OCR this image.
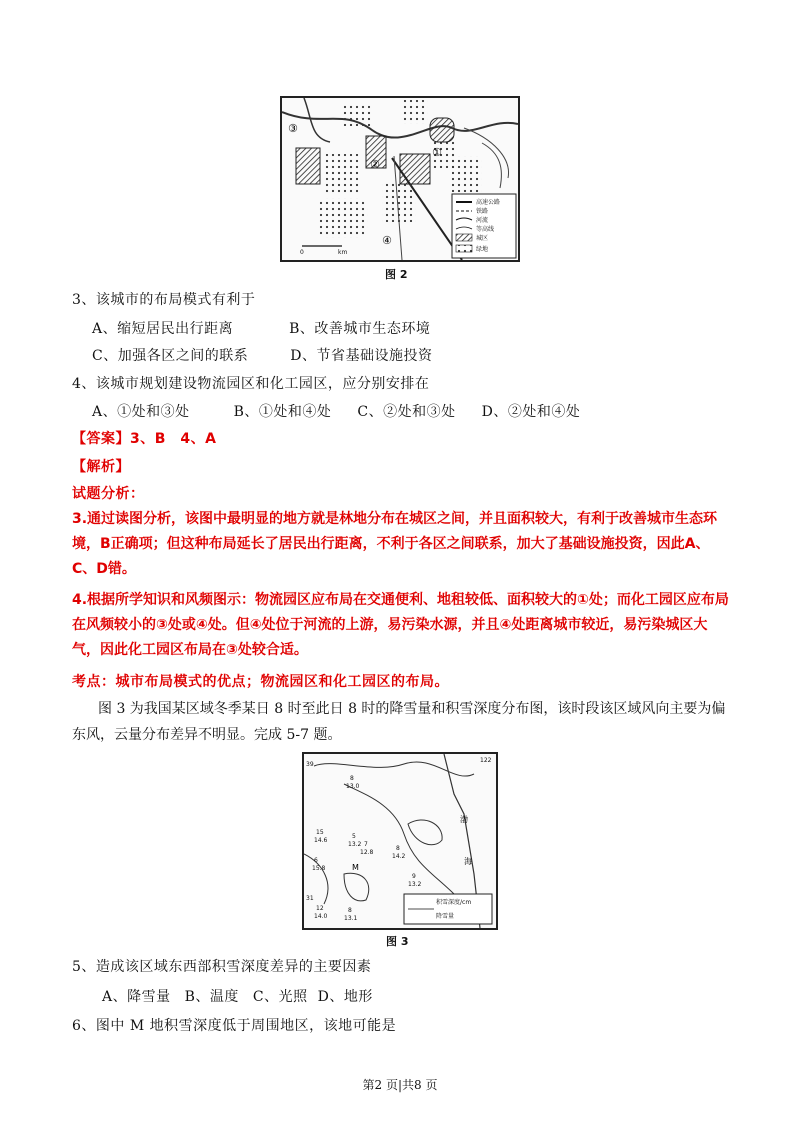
高速公路
铁路
河流
等高线
城区
绿地
③
②
①
④
0	km
图 2
3、该城市的布局模式有利于
A、缩短居民出行距离	B、改善城市生态环境
C、加强各区之间的联系	D、节省基础设施投资
4、该城市规划建设物流园区和化工园区，应分别安排在
A、①处和③处	B、①处和④处 C、②处和③处 D、②处和④处
【答案】3、B　4、A
【解析】
试题分析：
3.通过读图分析，该图中最明显的地方就是林地分布在城区之间，并且面积较大，有利于改善城市生态环境，B正确项；但这种布局延长了居民出行距离，不利于各区之间联系，加大了基础设施投资，因此A、C、D错。
4.根据所学知识和风频图示：物流园区应布局在交通便利、地租较低、面积较大的①处；而化工园区应布局在风频较小的③处或④处。但④处位于河流的上游，易污染水源，并且④处距离城市较近，易污染城区大气，因此化工园区布局在③处较合适。
考点：城市布局模式的优点；物流园区和化工园区的布局。
图 3 为我国某区域冬季某日 8 时至此日 8 时的降雪量和积雪深度分布图，该时段该区域风向主要为偏东风，云量分布差异不明显。完成 5-7 题。
8
13.0
15
14.6
5
13.2 7
12.8
6
15.8
8
14.2
M
9
13.2
12
14.0
8
13.1
渤
海
122
39
31
积雪深度/cm
降雪量
图 3
5、造成该区域东西部积雪深度差异的主要因素
A、降雪量 B、温度 C、光照 D、地形
6、图中 M 地积雪深度低于周围地区，该地可能是
第2 页|共8 页
